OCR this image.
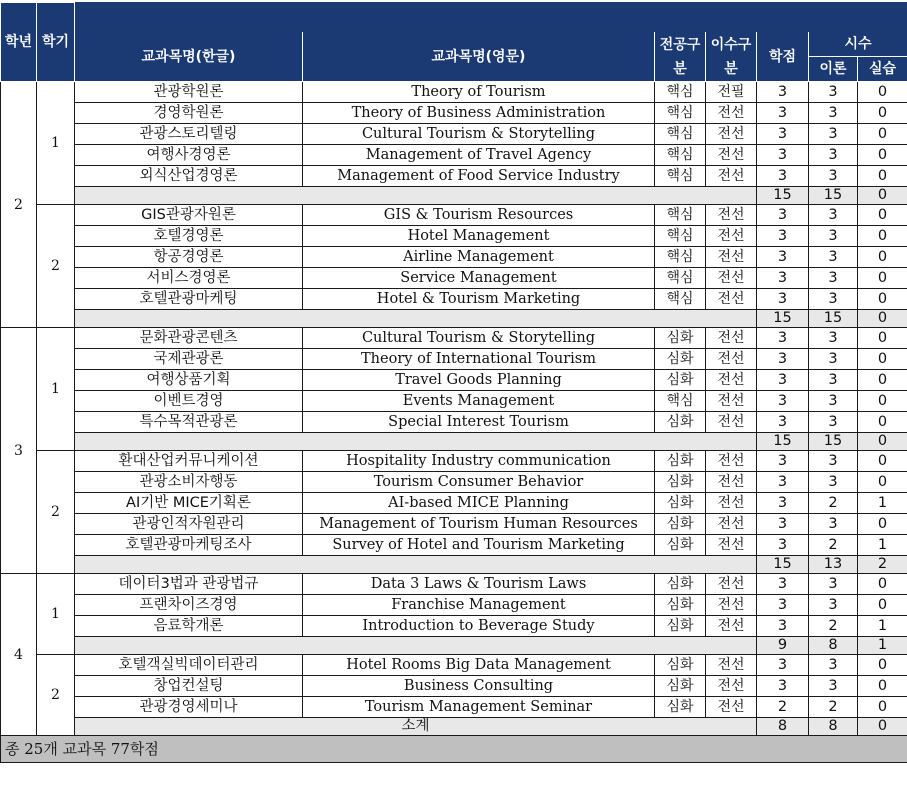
학년	학기							
		교과목명(한글)	교과목명(영문)	전공구분	이수구분	학점	시수	
							이론	실습
2	1	관광학원론	Theory of Tourism	핵심	전필	3	3	0
		경영학원론	Theory of Business Administration	핵심	전선	3	3	0
		관광스토리텔링	Cultural Tourism & Storytelling	핵심	전선	3	3	0
		여행사경영론	Management of Travel Agency	핵심	전선	3	3	0
		외식산업경영론	Management of Food Service Industry	핵심	전선	3	3	0
						15	15	0
	2	GIS관광자원론	GIS & Tourism Resources	핵심	전선	3	3	0
		호텔경영론	Hotel Management	핵심	전선	3	3	0
		항공경영론	Airline Management	핵심	전선	3	3	0
		서비스경영론	Service Management	핵심	전선	3	3	0
		호텔관광마케팅	Hotel & Tourism Marketing	핵심	전선	3	3	0
						15	15	0
3	1	문화관광콘텐츠	Cultural Tourism & Storytelling	심화	전선	3	3	0
		국제관광론	Theory of International Tourism	심화	전선	3	3	0
		여행상품기획	Travel Goods Planning	심화	전선	3	3	0
		이벤트경영	Events Management	핵심	전선	3	3	0
		특수목적관광론	Special Interest Tourism	심화	전선	3	3	0
						15	15	0
	2	환대산업커뮤니케이션	Hospitality Industry communication	심화	전선	3	3	0
		관광소비자행동	Tourism Consumer Behavior	심화	전선	3	3	0
		AI기반 MICE기획론	AI-based MICE Planning	심화	전선	3	2	1
		관광인적자원관리	Management of Tourism Human Resources	심화	전선	3	3	0
		호텔관광마케팅조사	Survey of Hotel and Tourism Marketing	심화	전선	3	2	1
						15	13	2
4	1	데이터3법과 관광법규	Data 3 Laws & Tourism Laws	심화	전선	3	3	0
		프랜차이즈경영	Franchise Management	심화	전선	3	3	0
		음료학개론	Introduction to Beverage Study	심화	전선	3	2	1
						9	8	1
	2	호텔객실빅데이터관리	Hotel Rooms Big Data Management	심화	전선	3	3	0
		창업컨설팅	Business Consulting	심화	전선	3	3	0
		관광경영세미나	Tourism Management Seminar	심화	전선	2	2	0
		소계				8	8	0
종 25개 교과목 77학점								
